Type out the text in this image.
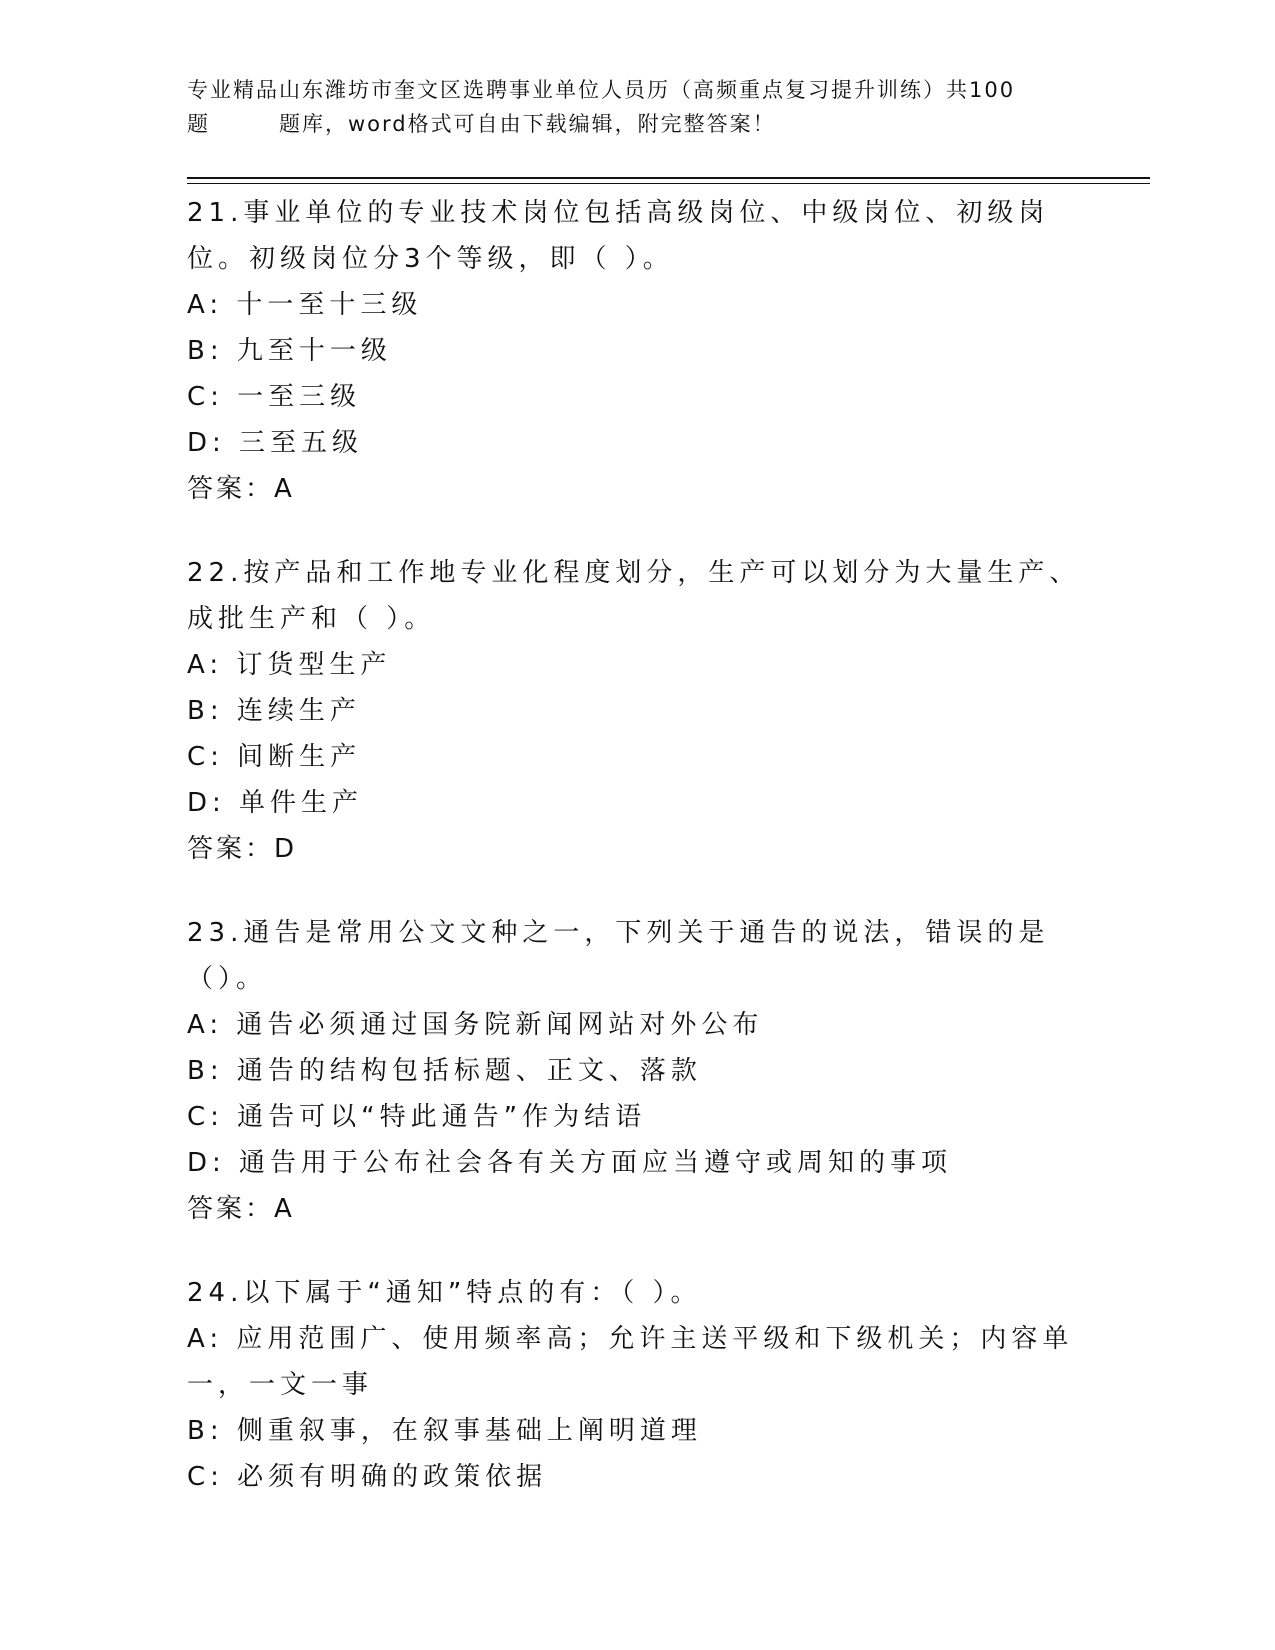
专业精品山东潍坊市奎文区选聘事业单位人员历（高频重点复习提升训练）共100
题	题库，word格式可自由下载编辑，附完整答案！
21.事业单位的专业技术岗位包括高级岗位、中级岗位、初级岗位。初级岗位分3个等级，即（ ）。
A: 十一至十三级
B: 九至十一级
C: 一至三级
D: 三至五级
答案：A
22.按产品和工作地专业化程度划分，生产可以划分为大量生产、成批生产和（ ）。
A: 订货型生产
B: 连续生产
C: 间断生产
D: 单件生产
答案：D
23.通告是常用公文文种之一，下列关于通告的说法，错误的是（）。
A: 通告必须通过国务院新闻网站对外公布
B: 通告的结构包括标题、正文、落款
C: 通告可以“特此通告”作为结语
D: 通告用于公布社会各有关方面应当遵守或周知的事项
答案：A
24.以下属于“通知”特点的有：（ ）。
A: 应用范围广、使用频率高；允许主送平级和下级机关；内容单一，一文一事
B: 侧重叙事，在叙事基础上阐明道理
C: 必须有明确的政策依据
